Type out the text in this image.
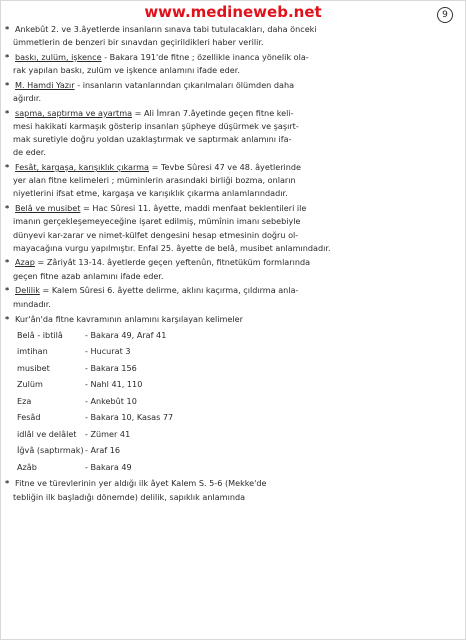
www.medineweb.net	9
* Ankebût 2. ve 3.âyetlerde insanların sınava tabi tutulacakları, daha önceki
ümmetlerin de benzeri bir sınavdan geçirildikleri haber verilir.
* baskı, zulüm, işkence - Bakara 191'de fitne ; özellikle inanca yönelik ola-
rak yapılan baskı, zulüm ve işkence anlamını ifade eder.
* M. Hamdi Yazır - insanların vatanlarından çıkarılmaları ölümden daha
ağırdır.
* sapma, saptırma ve ayartma = Ali İmran 7.âyetinde geçen fitne keli-
mesi hakikati karmaşık gösterip insanları şüpheye düşürmek ve şaşırt-
mak suretiyle doğru yoldan uzaklaştırmak ve saptırmak anlamını ifa-
de eder.
* Fesât, kargaşa, karışıklık çıkarma = Tevbe Sûresi 47 ve 48. âyetlerinde
yer alan fitne kelimeleri ; müminlerin arasındaki birliği bozma, onların
niyetlerini ifsat etme, kargaşa ve karışıklık çıkarma anlamlarındadır.
* Belâ ve musibet = Hac Sûresi 11. âyette, maddi menfaat beklentileri ile
imanın gerçekleşemeyeceğine işaret edilmiş, mümînin imanı sebebiyle
dünyevi kar-zarar ve nimet-külfet dengesini hesap etmesinin doğru ol-
mayacağına vurgu yapılmıştır. Enfal 25. âyette de belâ, musibet anlamındadır.
* Azap = Zâriyât 13-14. âyetlerde geçen yeftenûn, fitnetüküm formlarında
geçen fitne azab anlamını ifade eder.
* Delilik = Kalem Sûresi 6. âyette delirme, aklını kaçırma, çıldırma anla-
mındadır.
* Kur'ân'da fitne kavramının anlamını karşılayan kelimeler
Belâ - ibtilâ	- Bakara 49, Araf 41
imtihan	- Hucurat 3
musibet	- Bakara 156
Zulüm	- Nahl 41, 110
Eza	- Ankebût 10
Fesâd	- Bakara 10, Kasas 77
idlâl ve delâlet	- Zümer 41
İğvâ (saptırmak) - Araf 16
Azâb	- Bakara 49
* Fitne ve türevlerinin yer aldığı ilk âyet Kalem S. 5-6 (Mekke'de
tebliğin ilk başladığı dönemde) delilik, sapıklık anlamında
